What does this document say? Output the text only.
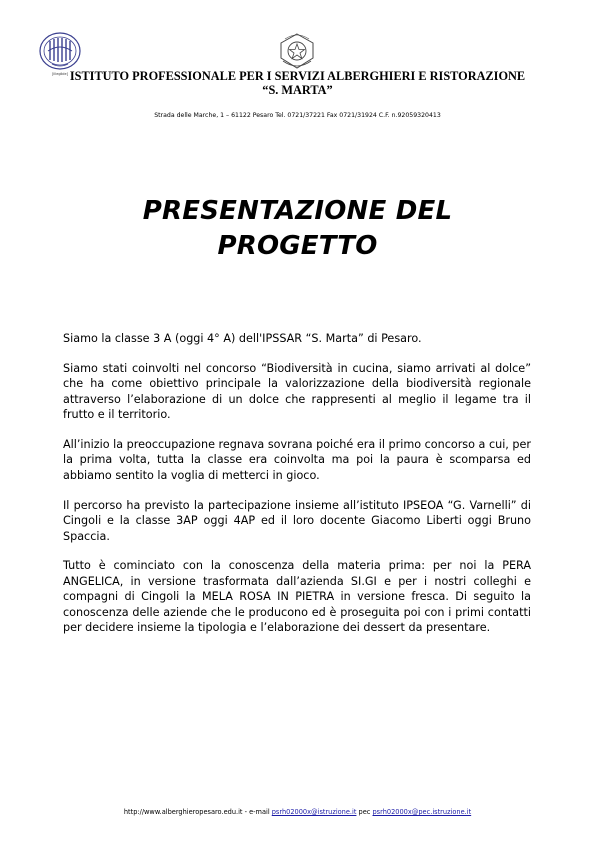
[illegible] ISTITUTO PROFESSIONALE PER I SERVIZI ALBERGHIERI E RISTORAZIONE
“S. MARTA”
Strada delle Marche, 1 – 61122 Pesaro Tel. 0721/37221 Fax 0721/31924 C.F. n.92059320413
PRESENTAZIONE DEL
PROGETTO

Siamo la classe 3 A (oggi 4° A) dell'IPSSAR “S. Marta” di Pesaro.

Siamo stati coinvolti nel concorso “Biodiversità in cucina, siamo arrivati al dolce” che ha come obiettivo principale la valorizzazione della biodiversità regionale attraverso l’elaborazione di un dolce che rappresenti al meglio il legame tra il frutto e il territorio.

All’inizio la preoccupazione regnava sovrana poiché era il primo concorso a cui, per la prima volta, tutta la classe era coinvolta ma poi la paura è scomparsa ed abbiamo sentito la voglia di metterci in gioco.

Il percorso ha previsto la partecipazione insieme all’istituto IPSEOA “G. Varnelli” di Cingoli e la classe 3AP oggi 4AP ed il loro docente Giacomo Liberti oggi Bruno Spaccia.

Tutto è cominciato con la conoscenza della materia prima: per noi la PERA ANGELICA, in versione trasformata dall’azienda SI.GI e per i nostri colleghi e compagni di Cingoli la MELA ROSA IN PIETRA in versione fresca. Di seguito la conoscenza delle aziende che le producono ed è proseguita poi con i primi contatti per decidere insieme la tipologia e l’elaborazione dei dessert da presentare.

http://www.alberghieropesaro.edu.it - e-mail psrh02000x@istruzione.it pec psrh02000x@pec.istruzione.it
